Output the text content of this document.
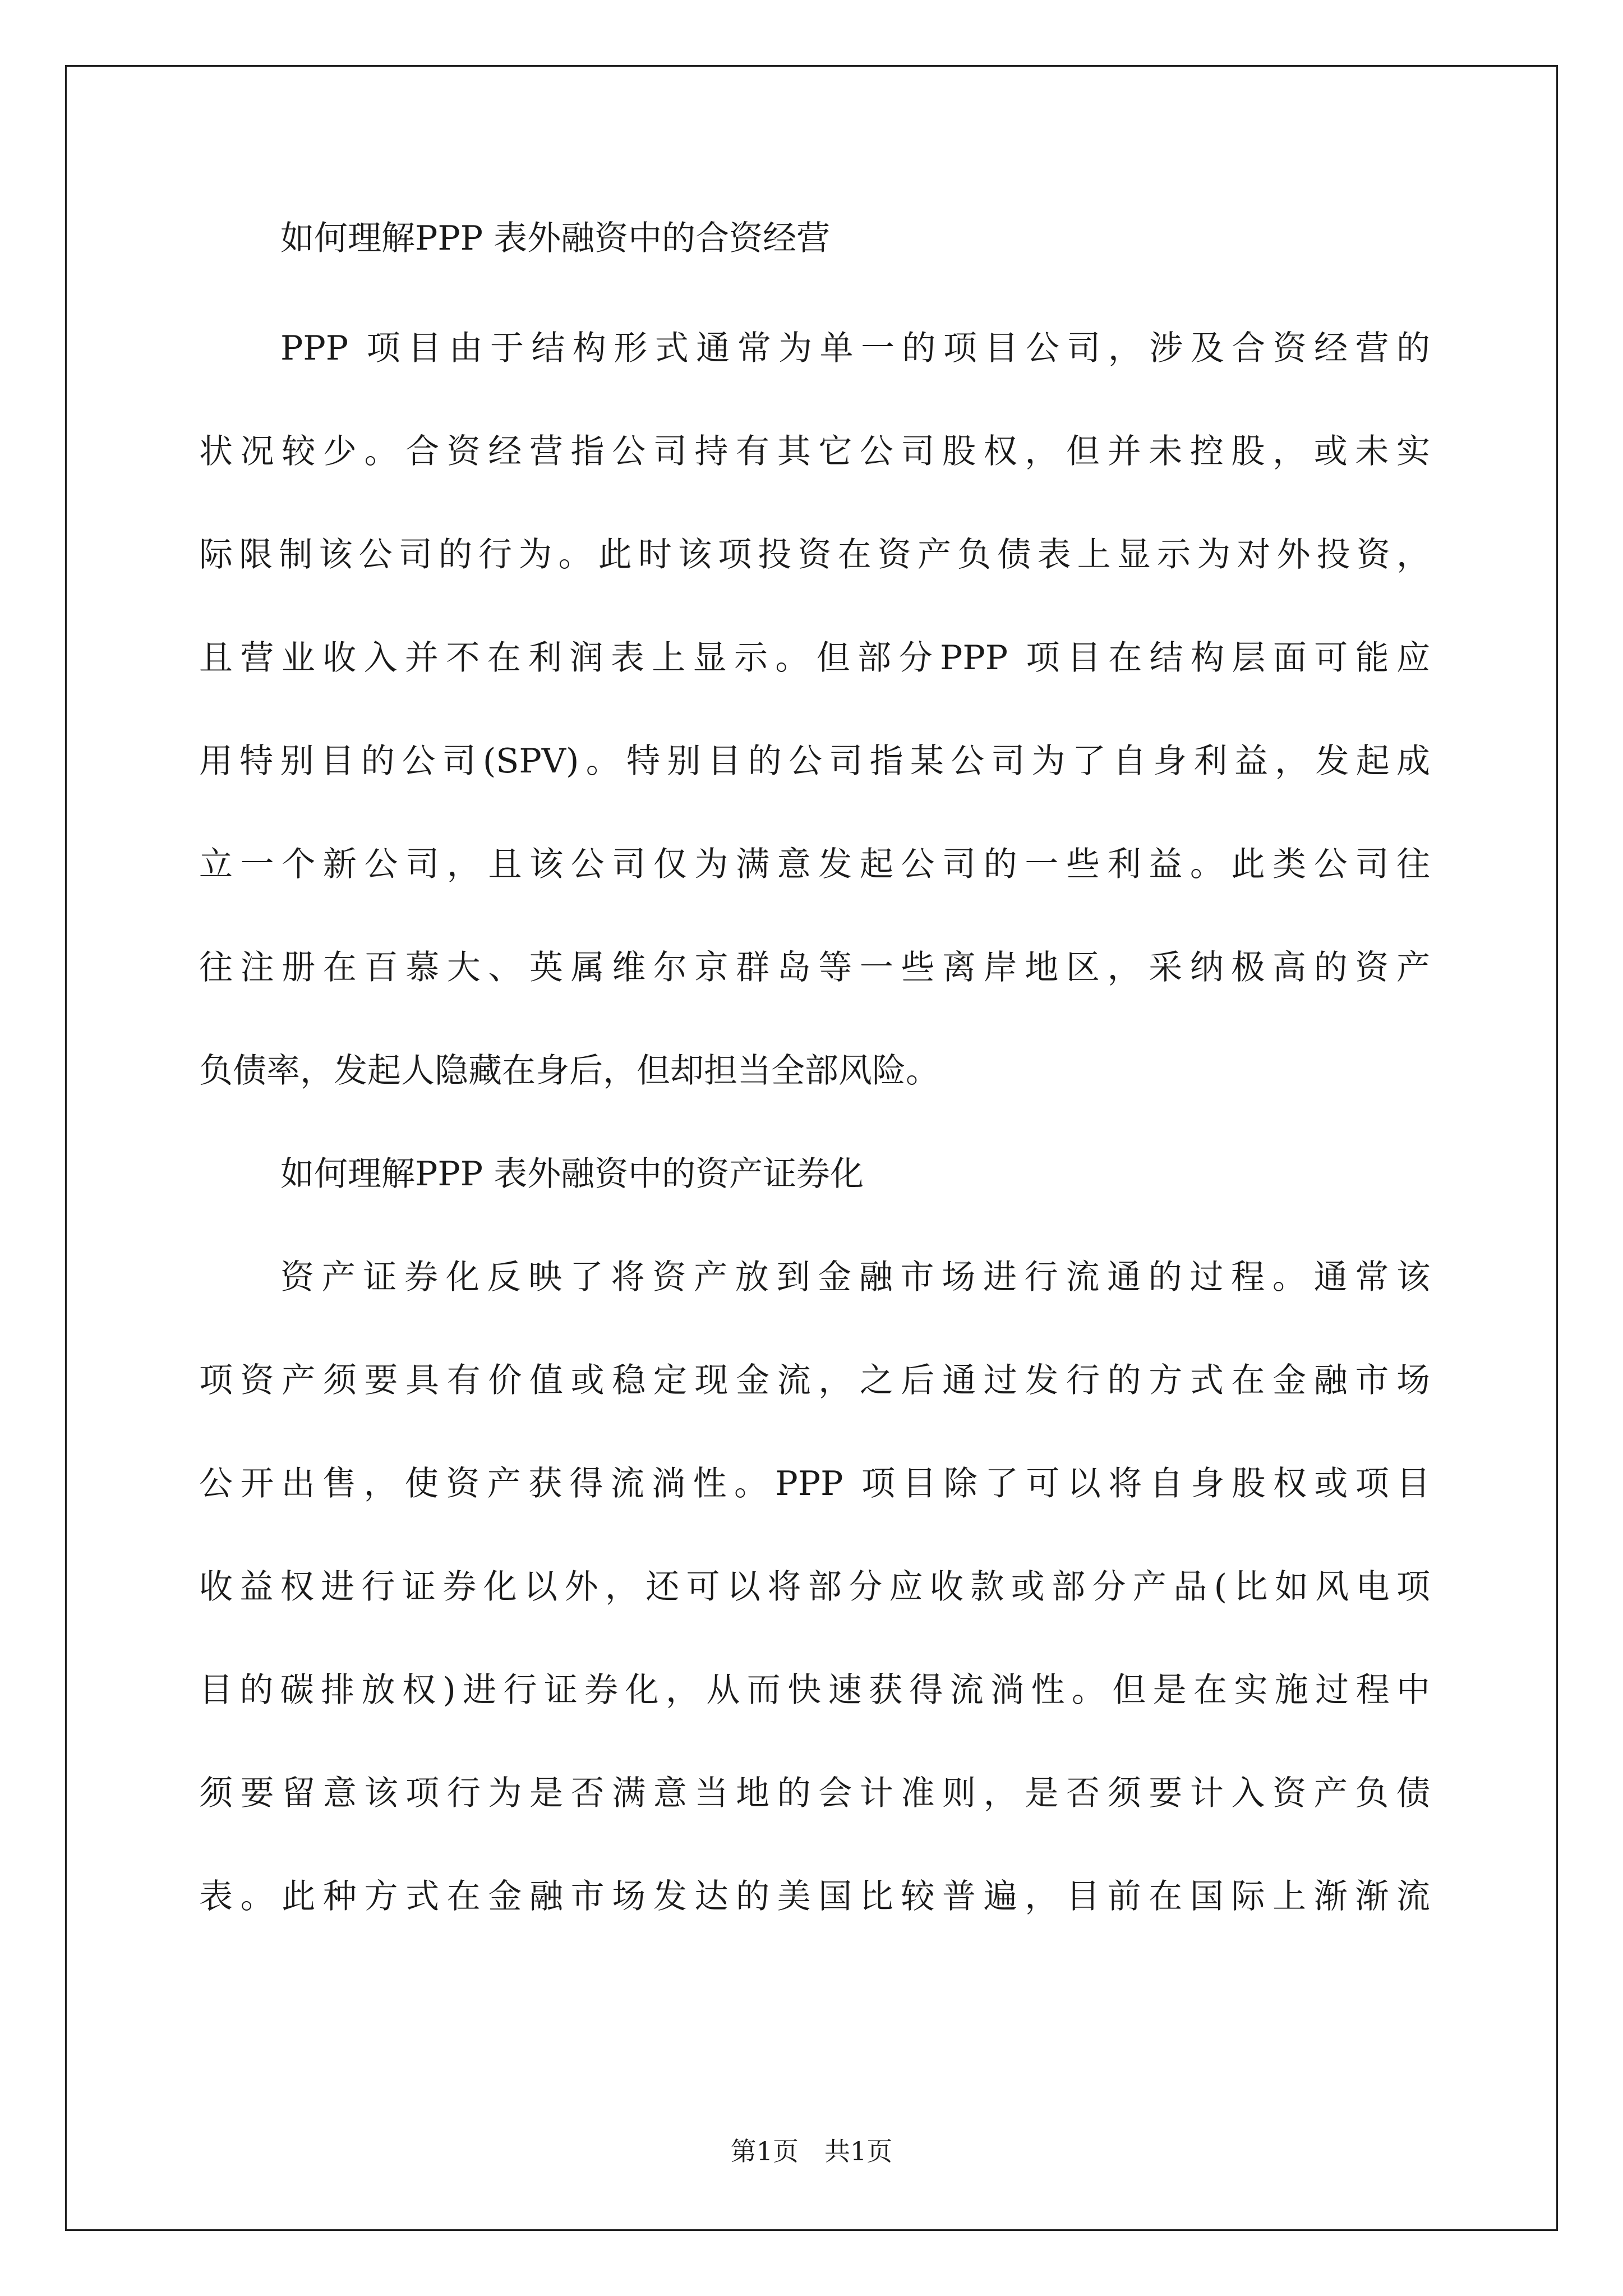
如何理解PPP 表外融资中的合资经营
PPP 项目由于结构形式通常为单一的项目公司，涉及合资经营的
状况较少。合资经营指公司持有其它公司股权，但并未控股，或未实
际限制该公司的行为。此时该项投资在资产负债表上显示为对外投资，
且营业收入并不在利润表上显示。但部分PPP 项目在结构层面可能应
用特别目的公司(SPV)。特别目的公司指某公司为了自身利益，发起成
立一个新公司，且该公司仅为满意发起公司的一些利益。此类公司往
往注册在百慕大、英属维尔京群岛等一些离岸地区，采纳极高的资产
负债率，发起人隐藏在身后，但却担当全部风险。
如何理解PPP 表外融资中的资产证券化
资产证券化反映了将资产放到金融市场进行流通的过程。通常该
项资产须要具有价值或稳定现金流，之后通过发行的方式在金融市场
公开出售，使资产获得流淌性。PPP 项目除了可以将自身股权或项目
收益权进行证券化以外，还可以将部分应收款或部分产品(比如风电项
目的碳排放权)进行证券化，从而快速获得流淌性。但是在实施过程中
须要留意该项行为是否满意当地的会计准则，是否须要计入资产负债
表。此种方式在金融市场发达的美国比较普遍，目前在国际上渐渐流
第1页　共1页
